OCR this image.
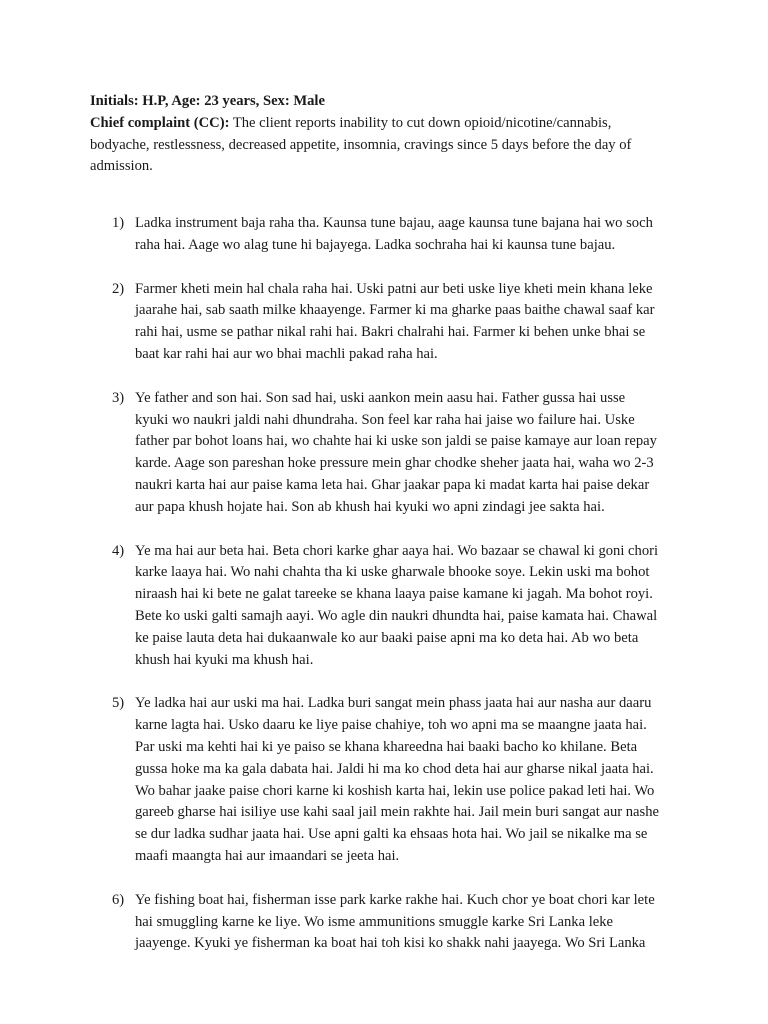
Initials: H.P, Age: 23 years, Sex: Male
Chief complaint (CC): The client reports inability to cut down opioid/nicotine/cannabis,
bodyache, restlessness, decreased appetite, insomnia, cravings since 5 days before the day of
admission.
1) Ladka instrument baja raha tha. Kaunsa tune bajau, aage kaunsa tune bajana hai wo soch
raha hai. Aage wo alag tune hi bajayega. Ladka sochraha hai ki kaunsa tune bajau.
2) Farmer kheti mein hal chala raha hai. Uski patni aur beti uske liye kheti mein khana leke
jaarahe hai, sab saath milke khaayenge. Farmer ki ma gharke paas baithe chawal saaf kar
rahi hai, usme se pathar nikal rahi hai. Bakri chalrahi hai. Farmer ki behen unke bhai se
baat kar rahi hai aur wo bhai machli pakad raha hai.
3) Ye father and son hai. Son sad hai, uski aankon mein aasu hai. Father gussa hai usse
kyuki wo naukri jaldi nahi dhundraha. Son feel kar raha hai jaise wo failure hai. Uske
father par bohot loans hai, wo chahte hai ki uske son jaldi se paise kamaye aur loan repay
karde. Aage son pareshan hoke pressure mein ghar chodke sheher jaata hai, waha wo 2-3
naukri karta hai aur paise kama leta hai. Ghar jaakar papa ki madat karta hai paise dekar
aur papa khush hojate hai. Son ab khush hai kyuki wo apni zindagi jee sakta hai.
4) Ye ma hai aur beta hai. Beta chori karke ghar aaya hai. Wo bazaar se chawal ki goni chori
karke laaya hai. Wo nahi chahta tha ki uske gharwale bhooke soye. Lekin uski ma bohot
niraash hai ki bete ne galat tareeke se khana laaya paise kamane ki jagah. Ma bohot royi.
Bete ko uski galti samajh aayi. Wo agle din naukri dhundta hai, paise kamata hai. Chawal
ke paise lauta deta hai dukaanwale ko aur baaki paise apni ma ko deta hai. Ab wo beta
khush hai kyuki ma khush hai.
5) Ye ladka hai aur uski ma hai. Ladka buri sangat mein phass jaata hai aur nasha aur daaru
karne lagta hai. Usko daaru ke liye paise chahiye, toh wo apni ma se maangne jaata hai.
Par uski ma kehti hai ki ye paiso se khana khareedna hai baaki bacho ko khilane. Beta
gussa hoke ma ka gala dabata hai. Jaldi hi ma ko chod deta hai aur gharse nikal jaata hai.
Wo bahar jaake paise chori karne ki koshish karta hai, lekin use police pakad leti hai. Wo
gareeb gharse hai isiliye use kahi saal jail mein rakhte hai. Jail mein buri sangat aur nashe
se dur ladka sudhar jaata hai. Use apni galti ka ehsaas hota hai. Wo jail se nikalke ma se
maafi maangta hai aur imaandari se jeeta hai.
6) Ye fishing boat hai, fisherman isse park karke rakhe hai. Kuch chor ye boat chori kar lete
hai smuggling karne ke liye. Wo isme ammunitions smuggle karke Sri Lanka leke
jaayenge. Kyuki ye fisherman ka boat hai toh kisi ko shakk nahi jaayega. Wo Sri Lanka
